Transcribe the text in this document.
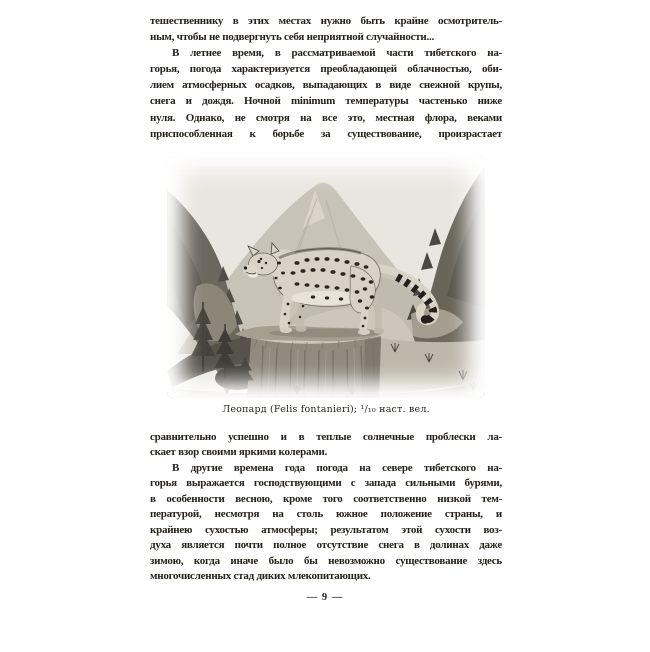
тешественнику в этих местах нужно быть крайне осмотритель-
ным, чтобы не подвергнуть себя неприятной случайности...
В летнее время, в рассматриваемой части тибетского на-
горья, погода характеризуется преобладающей облачностью, оби-
лием атмосферных осадков, выпадающих в виде снежной крупы,
снега и дождя. Ночной minimum температуры частенько ниже
нуля. Однако, не смотря на все это, местная флора, веками
приспособленная к борьбе за существование, произрастает
Леопард (Felis fontanieri); ¹/₁₀ наст. вел.
сравнительно успешно и в теплые солнечные проблески ла-
скает взор своими яркими колерами.
В другие времена года погода на севере тибетского на-
горья выражается господствующими с запада сильными бурями,
в особенности весною, кроме того соответственно низкой тем-
пературой, несмотря на столь южное положение страны, и
крайнею сухостью атмосферы; результатом этой сухости воз-
духа является почти полное отсутствие снега в долинах даже
зимою, когда иначе было бы невозможно существование здесь
многочисленных стад диких млекопитающих.
— 9 —
